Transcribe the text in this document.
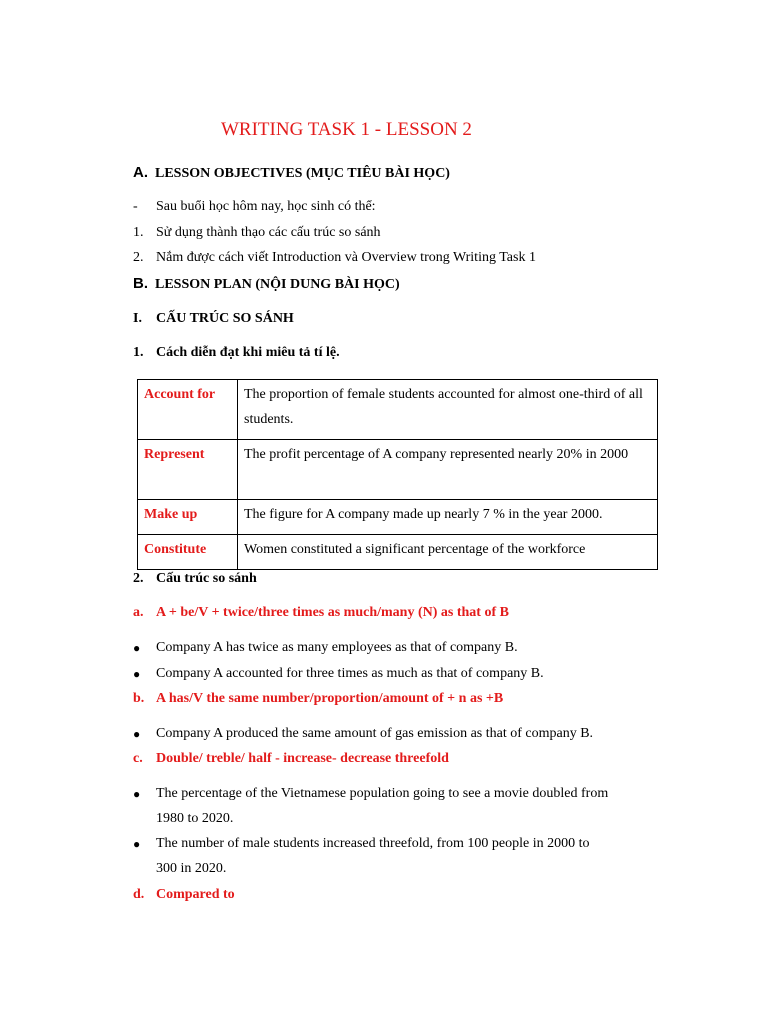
WRITING TASK 1 - LESSON 2
A. LESSON OBJECTIVES (MỤC TIÊU BÀI HỌC)
-	Sau buổi học hôm nay, học sinh có thể:
1. Sử dụng thành thạo các cấu trúc so sánh
2. Nắm được cách viết Introduction và Overview trong Writing Task 1
B. LESSON PLAN (NỘI DUNG BÀI HỌC)
I.	CẤU TRÚC SO SÁNH
1. Cách diễn đạt khi miêu tả tí lệ.
Account for	The proportion of female students accounted for almost one-third of all students.
Represent	The profit percentage of A company represented nearly 20% in 2000
Make up	The figure for A company made up nearly 7 % in the year 2000.
Constitute	Women constituted a significant percentage of the workforce
2. Cấu trúc so sánh
a. A + be/V + twice/three times as much/many (N) as that of B
● Company A has twice as many employees as that of company B.
● Company A accounted for three times as much as that of company B.
b. A has/V the same number/proportion/amount of + n as +B
● Company A produced the same amount of gas emission as that of company B.
c. Double/ treble/ half - increase- decrease threefold
● The percentage of the Vietnamese population going to see a movie doubled from
1980 to 2020.
● The number of male students increased threefold, from 100 people in 2000 to
300 in 2020.
d. Compared to
